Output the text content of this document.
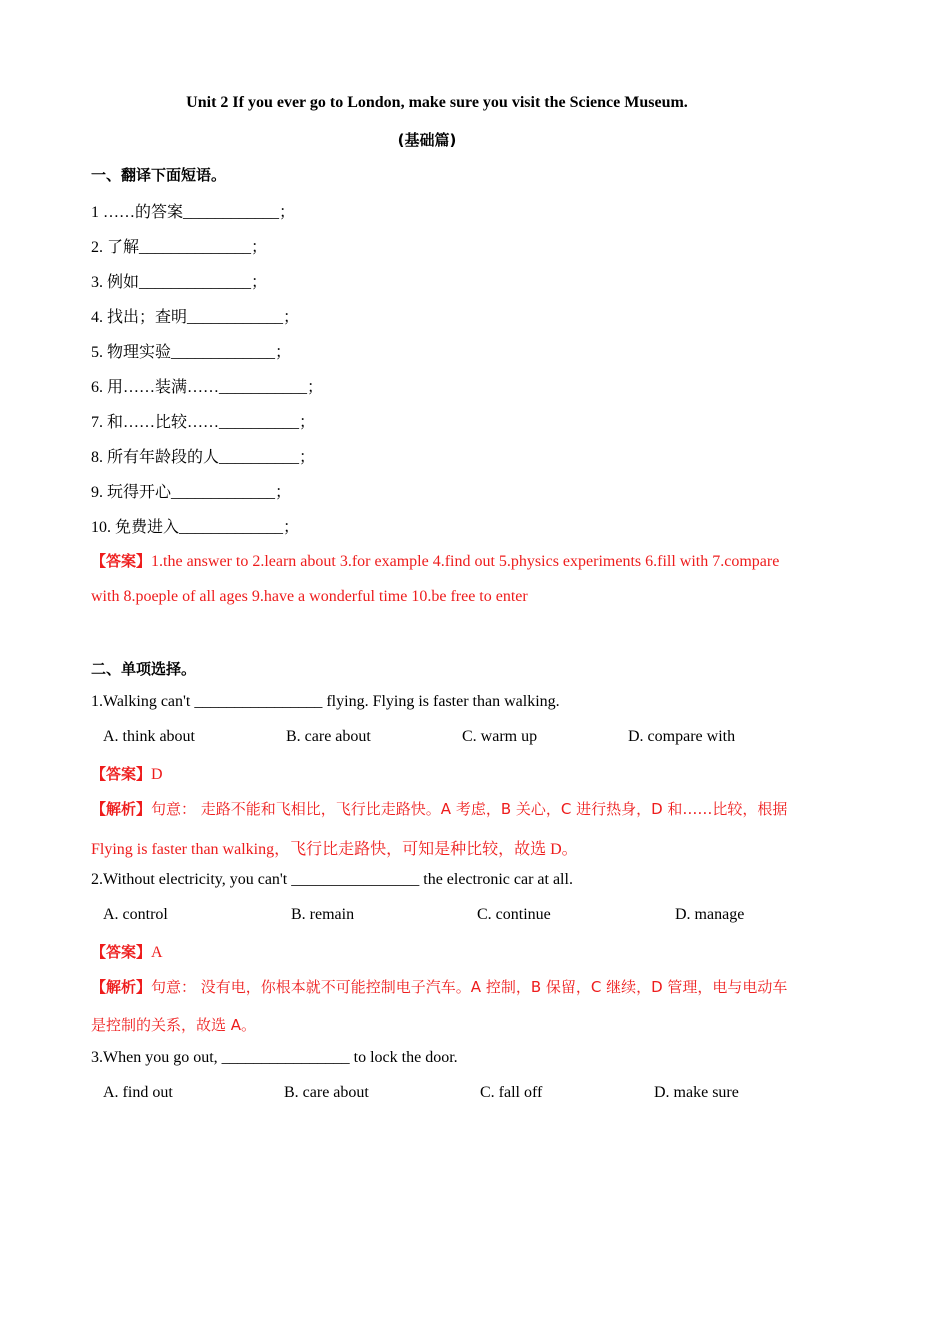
Unit 2 If you ever go to London, make sure you visit the Science Museum.
(基础篇)
一、翻译下面短语。
1 ……的答案____________；
2. 了解______________；
3. 例如______________；
4. 找出；查明____________；
5. 物理实验_____________；
6. 用……装满……___________；
7. 和……比较……__________；
8. 所有年龄段的人__________；
9. 玩得开心_____________；
10. 免费进入_____________；
【答案】1.the answer to 2.learn about 3.for example 4.find out 5.physics experiments 6.fill with 7.compare
with 8.poeple of all ages 9.have a wonderful time 10.be free to enter
二、单项选择。
1.Walking can't ________________ flying. Flying is faster than walking.
A. think about	B. care about	C. warm up	D. compare with
【答案】D
【解析】句意： 走路不能和飞相比，飞行比走路快。A 考虑，B 关心，C 进行热身，D 和……比较，根据
Flying is faster than walking，飞行比走路快，可知是种比较，故选 D。
2.Without electricity, you can't ________________ the electronic car at all.
A. control	B. remain	C. continue	D. manage
【答案】A
【解析】句意： 没有电，你根本就不可能控制电子汽车。A 控制，B 保留，C 继续，D 管理，电与电动车
是控制的关系，故选 A。
3.When you go out, ________________ to lock the door.
A. find out	B. care about	C. fall off	D. make sure
